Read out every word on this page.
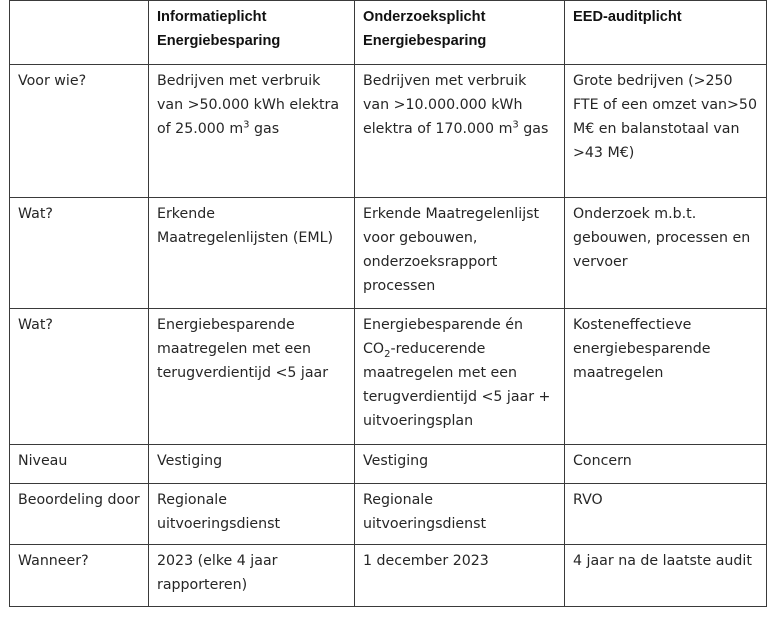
	Informatieplicht Energiebesparing	Onderzoeksplicht Energiebesparing	EED-auditplicht
Voor wie?	Bedrijven met verbruik van >50.000 kWh elektra of 25.000 $m^3$ gas	Bedrijven met verbruik van >10.000.000 kWh elektra of 170.000 $m^3$ gas	Grote bedrijven (>250 FTE of een omzet van>50 M€ en balanstotaal van >43 M€)
Wat?	Erkende Maatregelenlijsten (EML)	Erkende Maatregelenlijst voor gebouwen, onderzoeksrapport processen	Onderzoek m.b.t. gebouwen, processen en vervoer
Wat?	Energiebesparende maatregelen met een terugverdientijd <5 jaar	Energiebesparende én $CO_2$-reducerende maatregelen met een terugverdientijd <5 jaar + uitvoeringsplan	Kosteneffectieve energiebesparende maatregelen
Niveau	Vestiging	Vestiging	Concern
Beoordeling door	Regionale uitvoeringsdienst	Regionale uitvoeringsdienst	RVO
Wanneer?	2023 (elke 4 jaar rapporteren)	1 december 2023	4 jaar na de laatste audit
